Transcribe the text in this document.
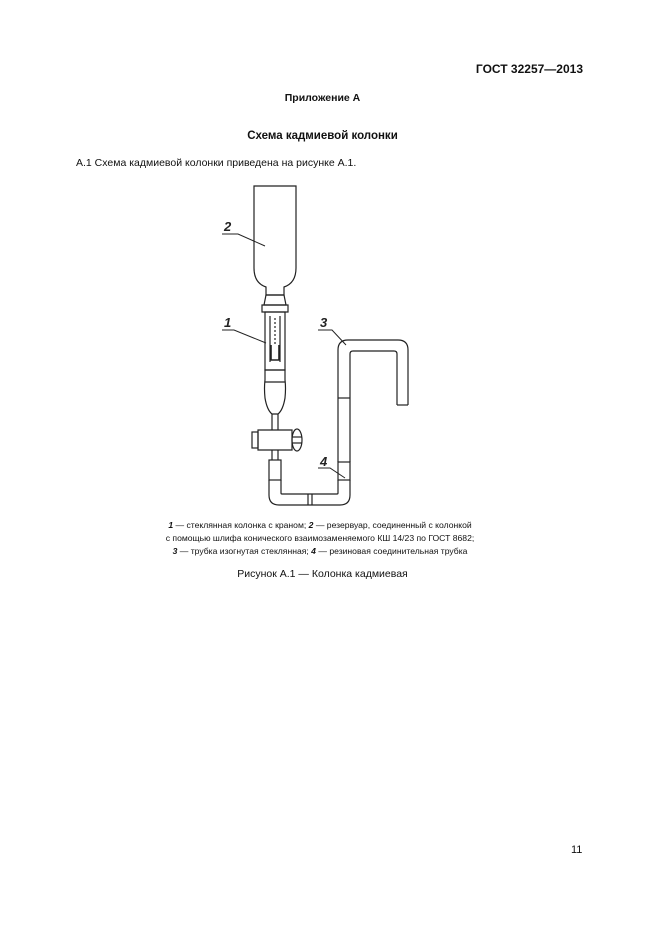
ГОСТ 32257—2013
Приложение А
Схема кадмиевой колонки
А.1 Схема кадмиевой колонки приведена на рисунке А.1.
2
1	3
4
1 — стеклянная колонка с краном; 2 — резервуар, соединенный с колонкой
с помощью шлифа конического взаимозаменяемого КШ 14/23 по ГОСТ 8682;
3 — трубка изогнутая стеклянная; 4 — резиновая соединительная трубка
Рисунок А.1 — Колонка кадмиевая
11
